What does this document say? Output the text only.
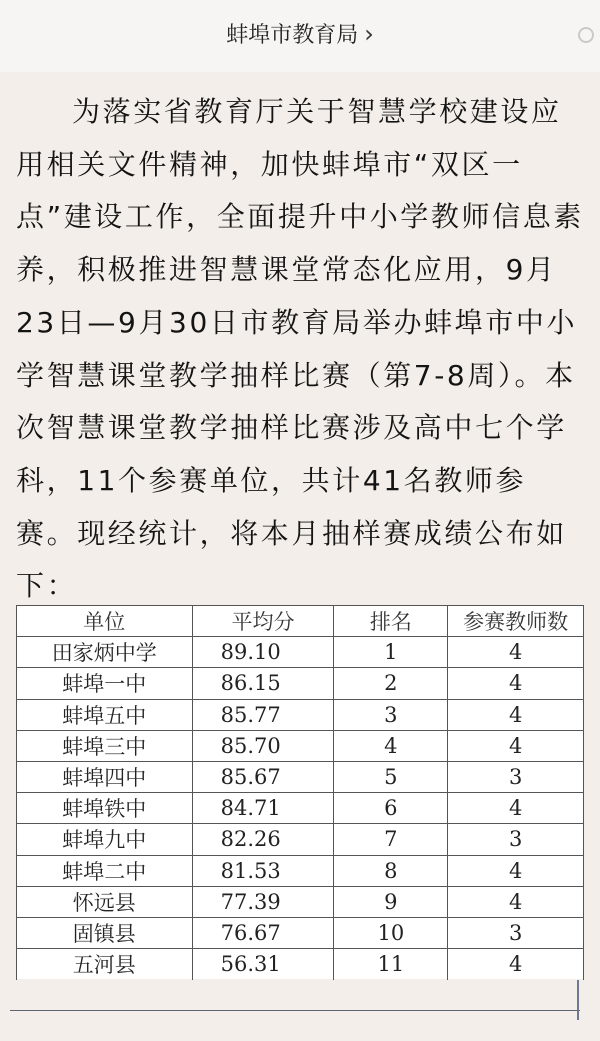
蚌埠市教育局 ›

为落实省教育厅关于智慧学校建设应用相关文件精神，加快蚌埠市“双区一点”建设工作，全面提升中小学教师信息素养，积极推进智慧课堂常态化应用，9月23日—9月30日市教育局举办蚌埠市中小学智慧课堂教学抽样比赛（第7-8周）。本次智慧课堂教学抽样比赛涉及高中七个学科，11个参赛单位，共计41名教师参赛。现经统计，将本月抽样赛成绩公布如下：

单位	平均分	排名	参赛教师数
田家炳中学	89.10	1	4
蚌埠一中	86.15	2	4
蚌埠五中	85.77	3	4
蚌埠三中	85.70	4	4
蚌埠四中	85.67	5	3
蚌埠铁中	84.71	6	4
蚌埠九中	82.26	7	3
蚌埠二中	81.53	8	4
怀远县	77.39	9	4
固镇县	76.67	10	3
五河县	56.31	11	4
